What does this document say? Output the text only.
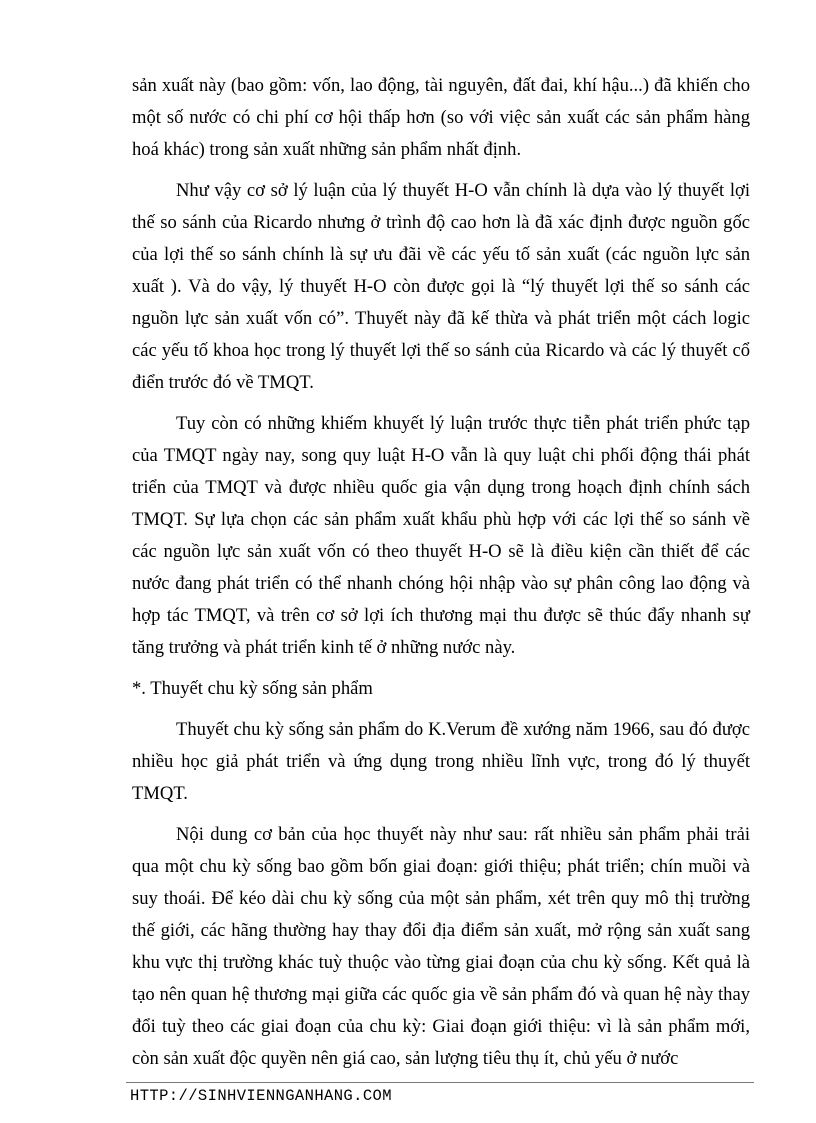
sản xuất này (bao gồm: vốn, lao động, tài nguyên, đất đai, khí hậu...) đã khiến cho một số nước có chi phí cơ hội thấp hơn (so với việc sản xuất các sản phẩm hàng hoá khác) trong sản xuất những sản phẩm nhất định.

Như vậy cơ sở lý luận của lý thuyết H-O vẫn chính là dựa vào lý thuyết lợi thế so sánh của Ricardo nhưng ở trình độ cao hơn là đã xác định được nguồn gốc của lợi thế so sánh chính là sự ưu đãi về các yếu tố sản xuất (các nguồn lực sản xuất ). Và do vậy, lý thuyết H-O còn được gọi là “lý thuyết lợi thế so sánh các nguồn lực sản xuất vốn có”. Thuyết này đã kế thừa và phát triển một cách logic các yếu tố khoa học trong lý thuyết lợi thế so sánh của Ricardo và các lý thuyết cổ điển trước đó về TMQT.

Tuy còn có những khiếm khuyết lý luận trước thực tiễn phát triển phức tạp của TMQT ngày nay, song quy luật H-O vẫn là quy luật chi phối động thái phát triển của TMQT và được nhiều quốc gia vận dụng trong hoạch định chính sách TMQT. Sự lựa chọn các sản phẩm xuất khẩu phù hợp với các lợi thế so sánh về các nguồn lực sản xuất vốn có theo thuyết H-O sẽ là điều kiện cần thiết để các nước đang phát triển có thể nhanh chóng hội nhập vào sự phân công lao động và hợp tác TMQT, và trên cơ sở lợi ích thương mại thu được sẽ thúc đẩy nhanh sự tăng trưởng và phát triển kinh tế ở những nước này.

*. Thuyết chu kỳ sống sản phẩm

Thuyết chu kỳ sống sản phẩm do K.Verum đề xướng năm 1966, sau đó được nhiều học giả phát triển và ứng dụng trong nhiều lĩnh vực, trong đó lý thuyết TMQT.

Nội dung cơ bản của học thuyết này như sau: rất nhiều sản phẩm phải trải qua một chu kỳ sống bao gồm bốn giai đoạn: giới thiệu; phát triển; chín muồi và suy thoái. Để kéo dài chu kỳ sống của một sản phẩm, xét trên quy mô thị trường thế giới, các hãng thường hay thay đổi địa điểm sản xuất, mở rộng sản xuất sang khu vực thị trường khác tuỳ thuộc vào từng giai đoạn của chu kỳ sống. Kết quả là tạo nên quan hệ thương mại giữa các quốc gia về sản phẩm đó và quan hệ này thay đổi tuỳ theo các giai đoạn của chu kỳ: Giai đoạn giới thiệu: vì là sản phẩm mới, còn sản xuất độc quyền nên giá cao, sản lượng tiêu thụ ít, chủ yếu ở nước

HTTP://SINHVIENNGANHANG.COM
